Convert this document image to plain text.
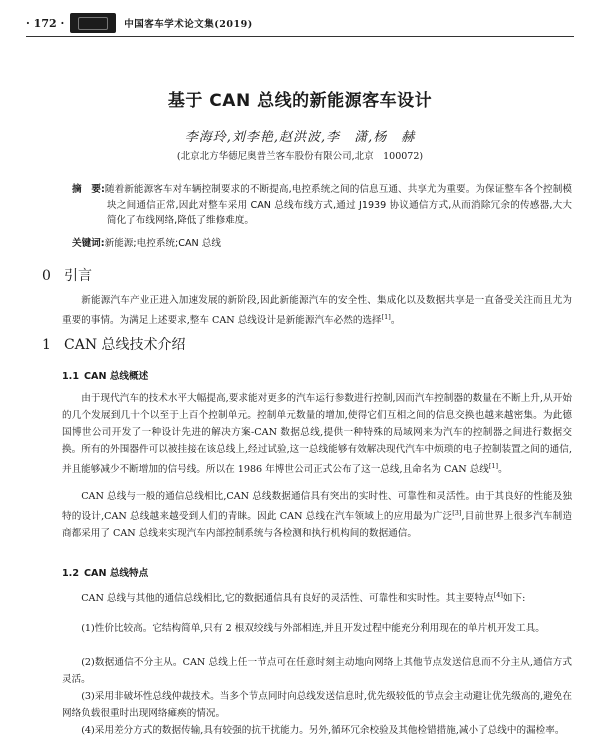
· 172 ·	中国客车学术论文集(2019)
基于 CAN 总线的新能源客车设计
李海玲,刘李艳,赵洪波,李　潇,杨　赫
(北京北方华德尼奥普兰客车股份有限公司,北京　100072)
摘　要:随着新能源客车对车辆控制要求的不断提高,电控系统之间的信息互通、共享尤为重要。为保证整车各个控制模块之间通信正常,因此对整车采用 CAN 总线布线方式,通过 J1939 协议通信方式,从而消除冗余的传感器,大大简化了布线网络,降低了维修难度。
关键词:新能源;电控系统;CAN 总线
0 引言
新能源汽车产业正进入加速发展的新阶段,因此新能源汽车的安全性、集成化以及数据共享是一直备受关注而且尤为重要的事情。为满足上述要求,整车 CAN 总线设计是新能源汽车必然的选择[1]。
1 CAN 总线技术介绍
1.1 CAN 总线概述
由于现代汽车的技术水平大幅提高,要求能对更多的汽车运行参数进行控制,因而汽车控制器的数量在不断上升,从开始的几个发展到几十个以至于上百个控制单元。控制单元数量的增加,使得它们互相之间的信息交换也越来越密集。为此德国博世公司开发了一种设计先进的解决方案-CAN 数据总线,提供一种特殊的局域网来为汽车的控制器之间进行数据交换。所有的外围器件可以被挂接在该总线上,经过试验,这一总线能够有效解决现代汽车中烦琐的电子控制装置之间的通信,并且能够减少不断增加的信号线。所以在 1986 年博世公司正式公布了这一总线,且命名为 CAN 总线[1]。
CAN 总线与一般的通信总线相比,CAN 总线数据通信具有突出的实时性、可靠性和灵活性。由于其良好的性能及独特的设计,CAN 总线越来越受到人们的青睐。因此 CAN 总线在汽车领域上的应用最为广泛[3],目前世界上很多汽车制造商都采用了 CAN 总线来实现汽车内部控制系统与各检测和执行机构间的数据通信。
1.2 CAN 总线特点
CAN 总线与其他的通信总线相比,它的数据通信具有良好的灵活性、可靠性和实时性。其主要特点[4]如下:
(1)性价比较高。它结构简单,只有 2 根双绞线与外部相连,并且开发过程中能充分利用现在的单片机开发工具。
(2)数据通信不分主从。CAN 总线上任一节点可在任意时刻主动地向网络上其他节点发送信息而不分主从,通信方式灵活。
(3)采用非破坏性总线仲裁技术。当多个节点同时向总线发送信息时,优先级较低的节点会主动避让优先级高的,避免在网络负载很重时出现网络瘫痪的情况。
(4)采用差分方式的数据传输,具有较强的抗干扰能力。另外,循环冗余校验及其他检错措施,减小了总线中的漏检率。
